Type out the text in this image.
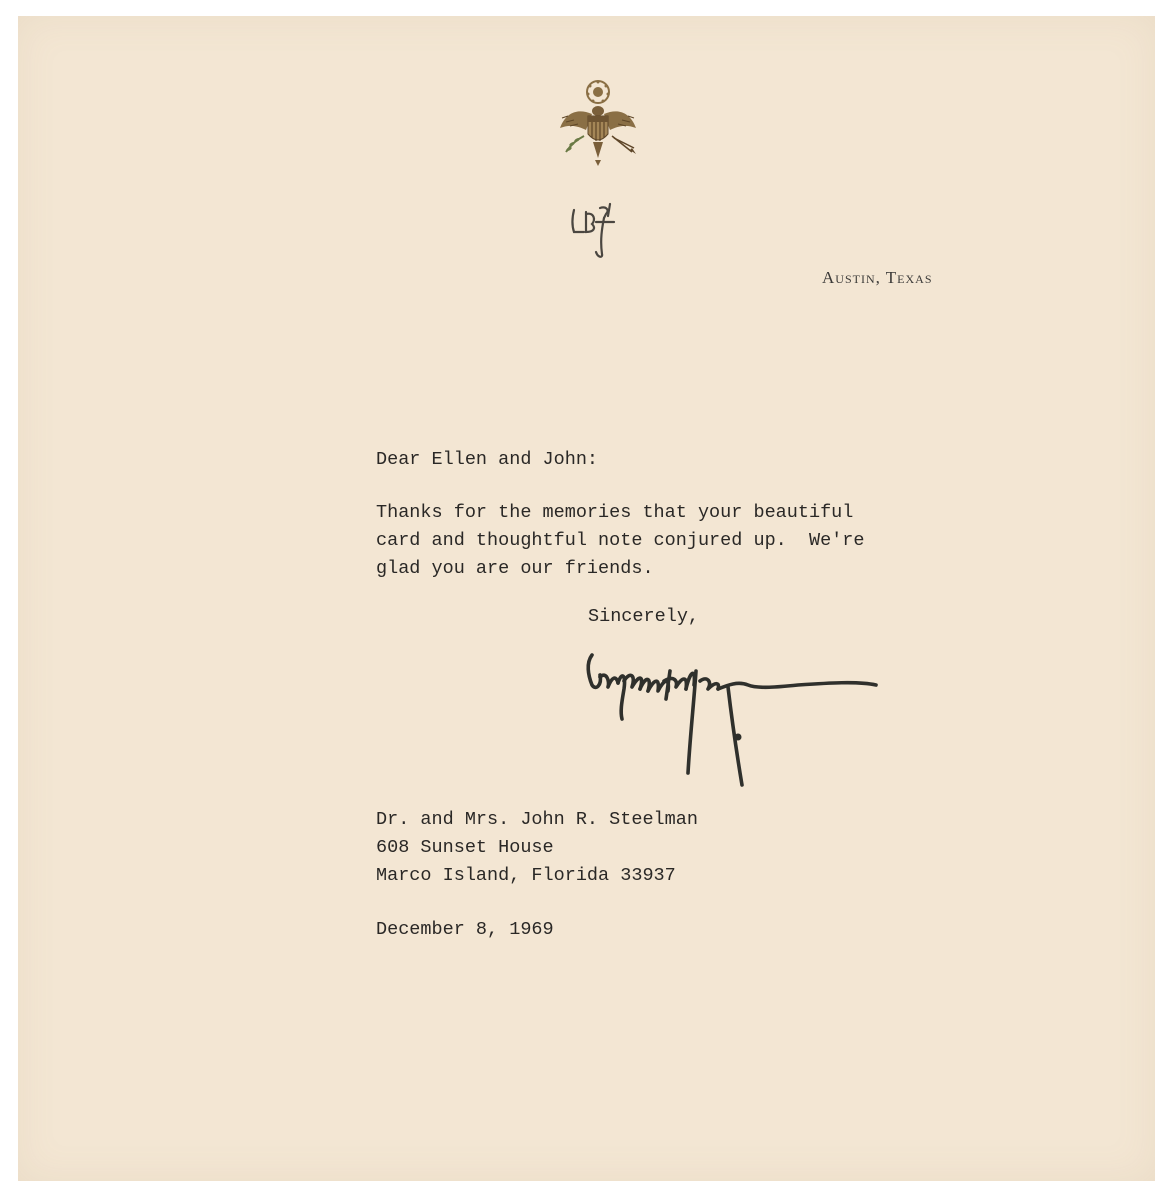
Austin, Texas
Dear Ellen and John:
Thanks for the memories that your beautiful
card and thoughtful note conjured up.  We're
glad you are our friends.
Sincerely,
Dr. and Mrs. John R. Steelman
608 Sunset House
Marco Island, Florida 33937
December 8, 1969
